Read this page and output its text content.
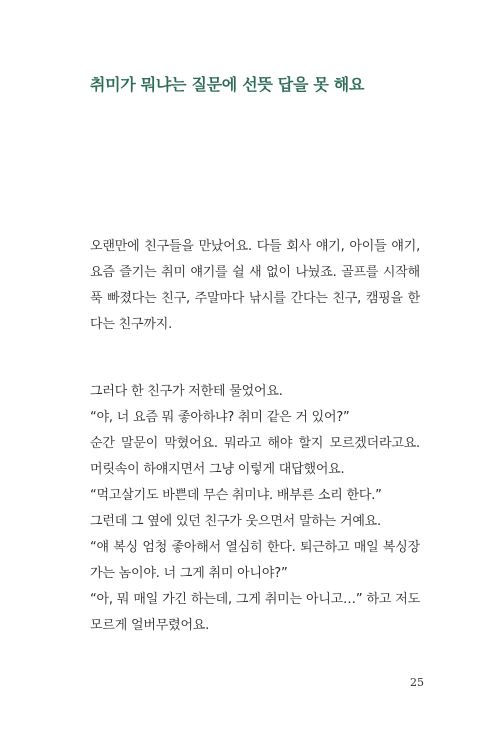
취미가 뭐냐는 질문에 선뜻 답을 못 해요
오랜만에 친구들을 만났어요. 다들 회사 얘기, 아이들 얘기,
요즘 즐기는 취미 얘기를 쉴 새 없이 나눴죠. 골프를 시작해
푹 빠졌다는 친구, 주말마다 낚시를 간다는 친구, 캠핑을 한
다는 친구까지.
그러다 한 친구가 저한테 물었어요.
“야, 너 요즘 뭐 좋아하냐? 취미 같은 거 있어?”
순간 말문이 막혔어요. 뭐라고 해야 할지 모르겠더라고요.
머릿속이 하얘지면서 그냥 이렇게 대답했어요.
“먹고살기도 바쁜데 무슨 취미냐. 배부른 소리 한다.”
그런데 그 옆에 있던 친구가 웃으면서 말하는 거예요.
“얘 복싱 엄청 좋아해서 열심히 한다. 퇴근하고 매일 복싱장
가는 놈이야. 너 그게 취미 아니야?”
“아, 뭐 매일 가긴 하는데, 그게 취미는 아니고…” 하고 저도
모르게 얼버무렸어요.
25
